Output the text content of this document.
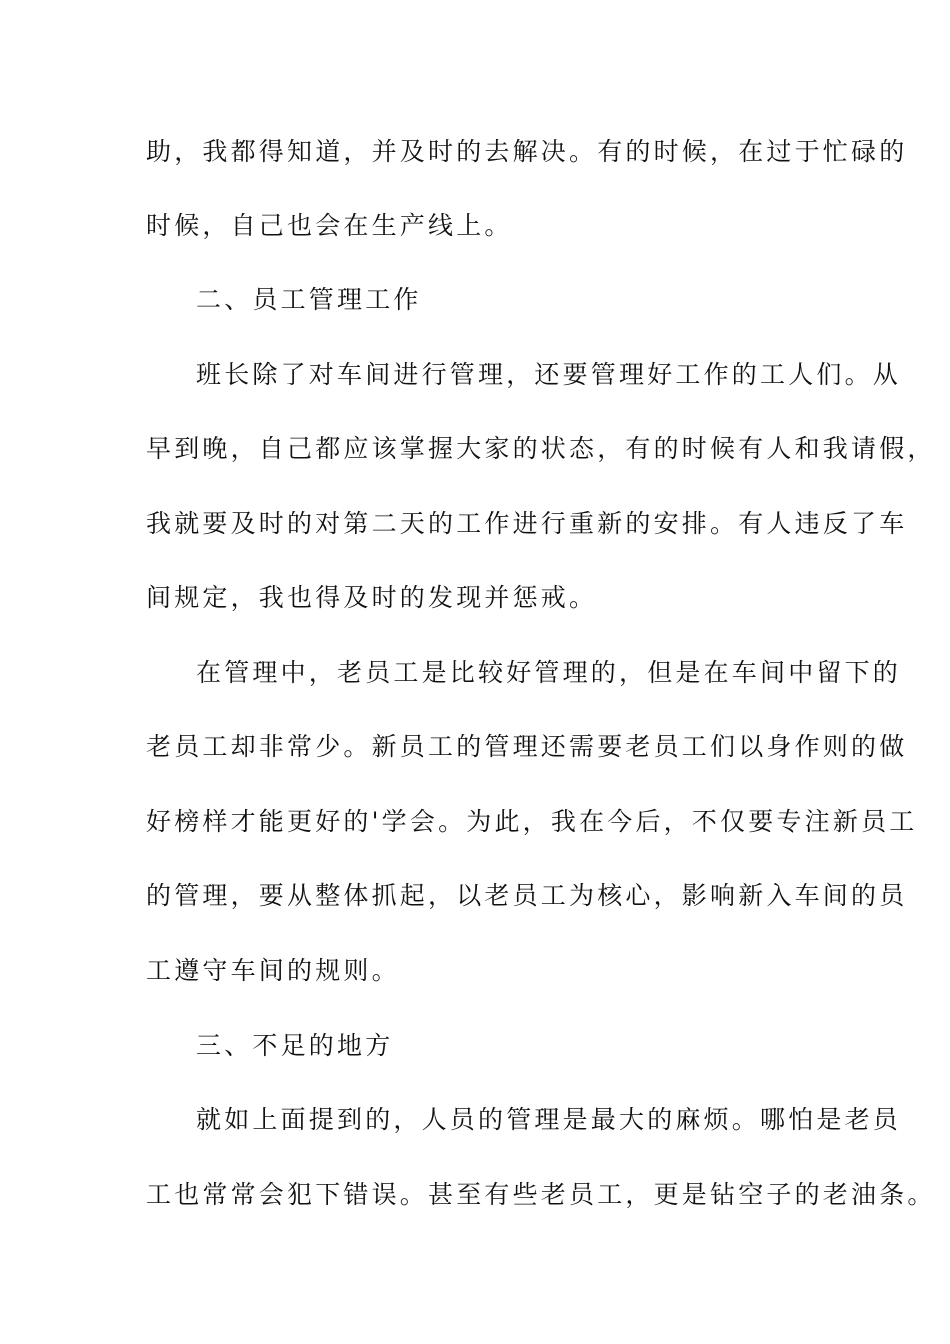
助，我都得知道，并及时的去解决。有的时候，在过于忙碌的
时候，自己也会在生产线上。
二、员工管理工作
班长除了对车间进行管理，还要管理好工作的工人们。从
早到晚，自己都应该掌握大家的状态，有的时候有人和我请假，
我就要及时的对第二天的工作进行重新的安排。有人违反了车
间规定，我也得及时的发现并惩戒。
在管理中，老员工是比较好管理的，但是在车间中留下的
老员工却非常少。新员工的管理还需要老员工们以身作则的做
好榜样才能更好的'学会。为此，我在今后，不仅要专注新员工
的管理，要从整体抓起，以老员工为核心，影响新入车间的员
工遵守车间的规则。
三、不足的地方
就如上面提到的，人员的管理是最大的麻烦。哪怕是老员
工也常常会犯下错误。甚至有些老员工，更是钻空子的老油条。
